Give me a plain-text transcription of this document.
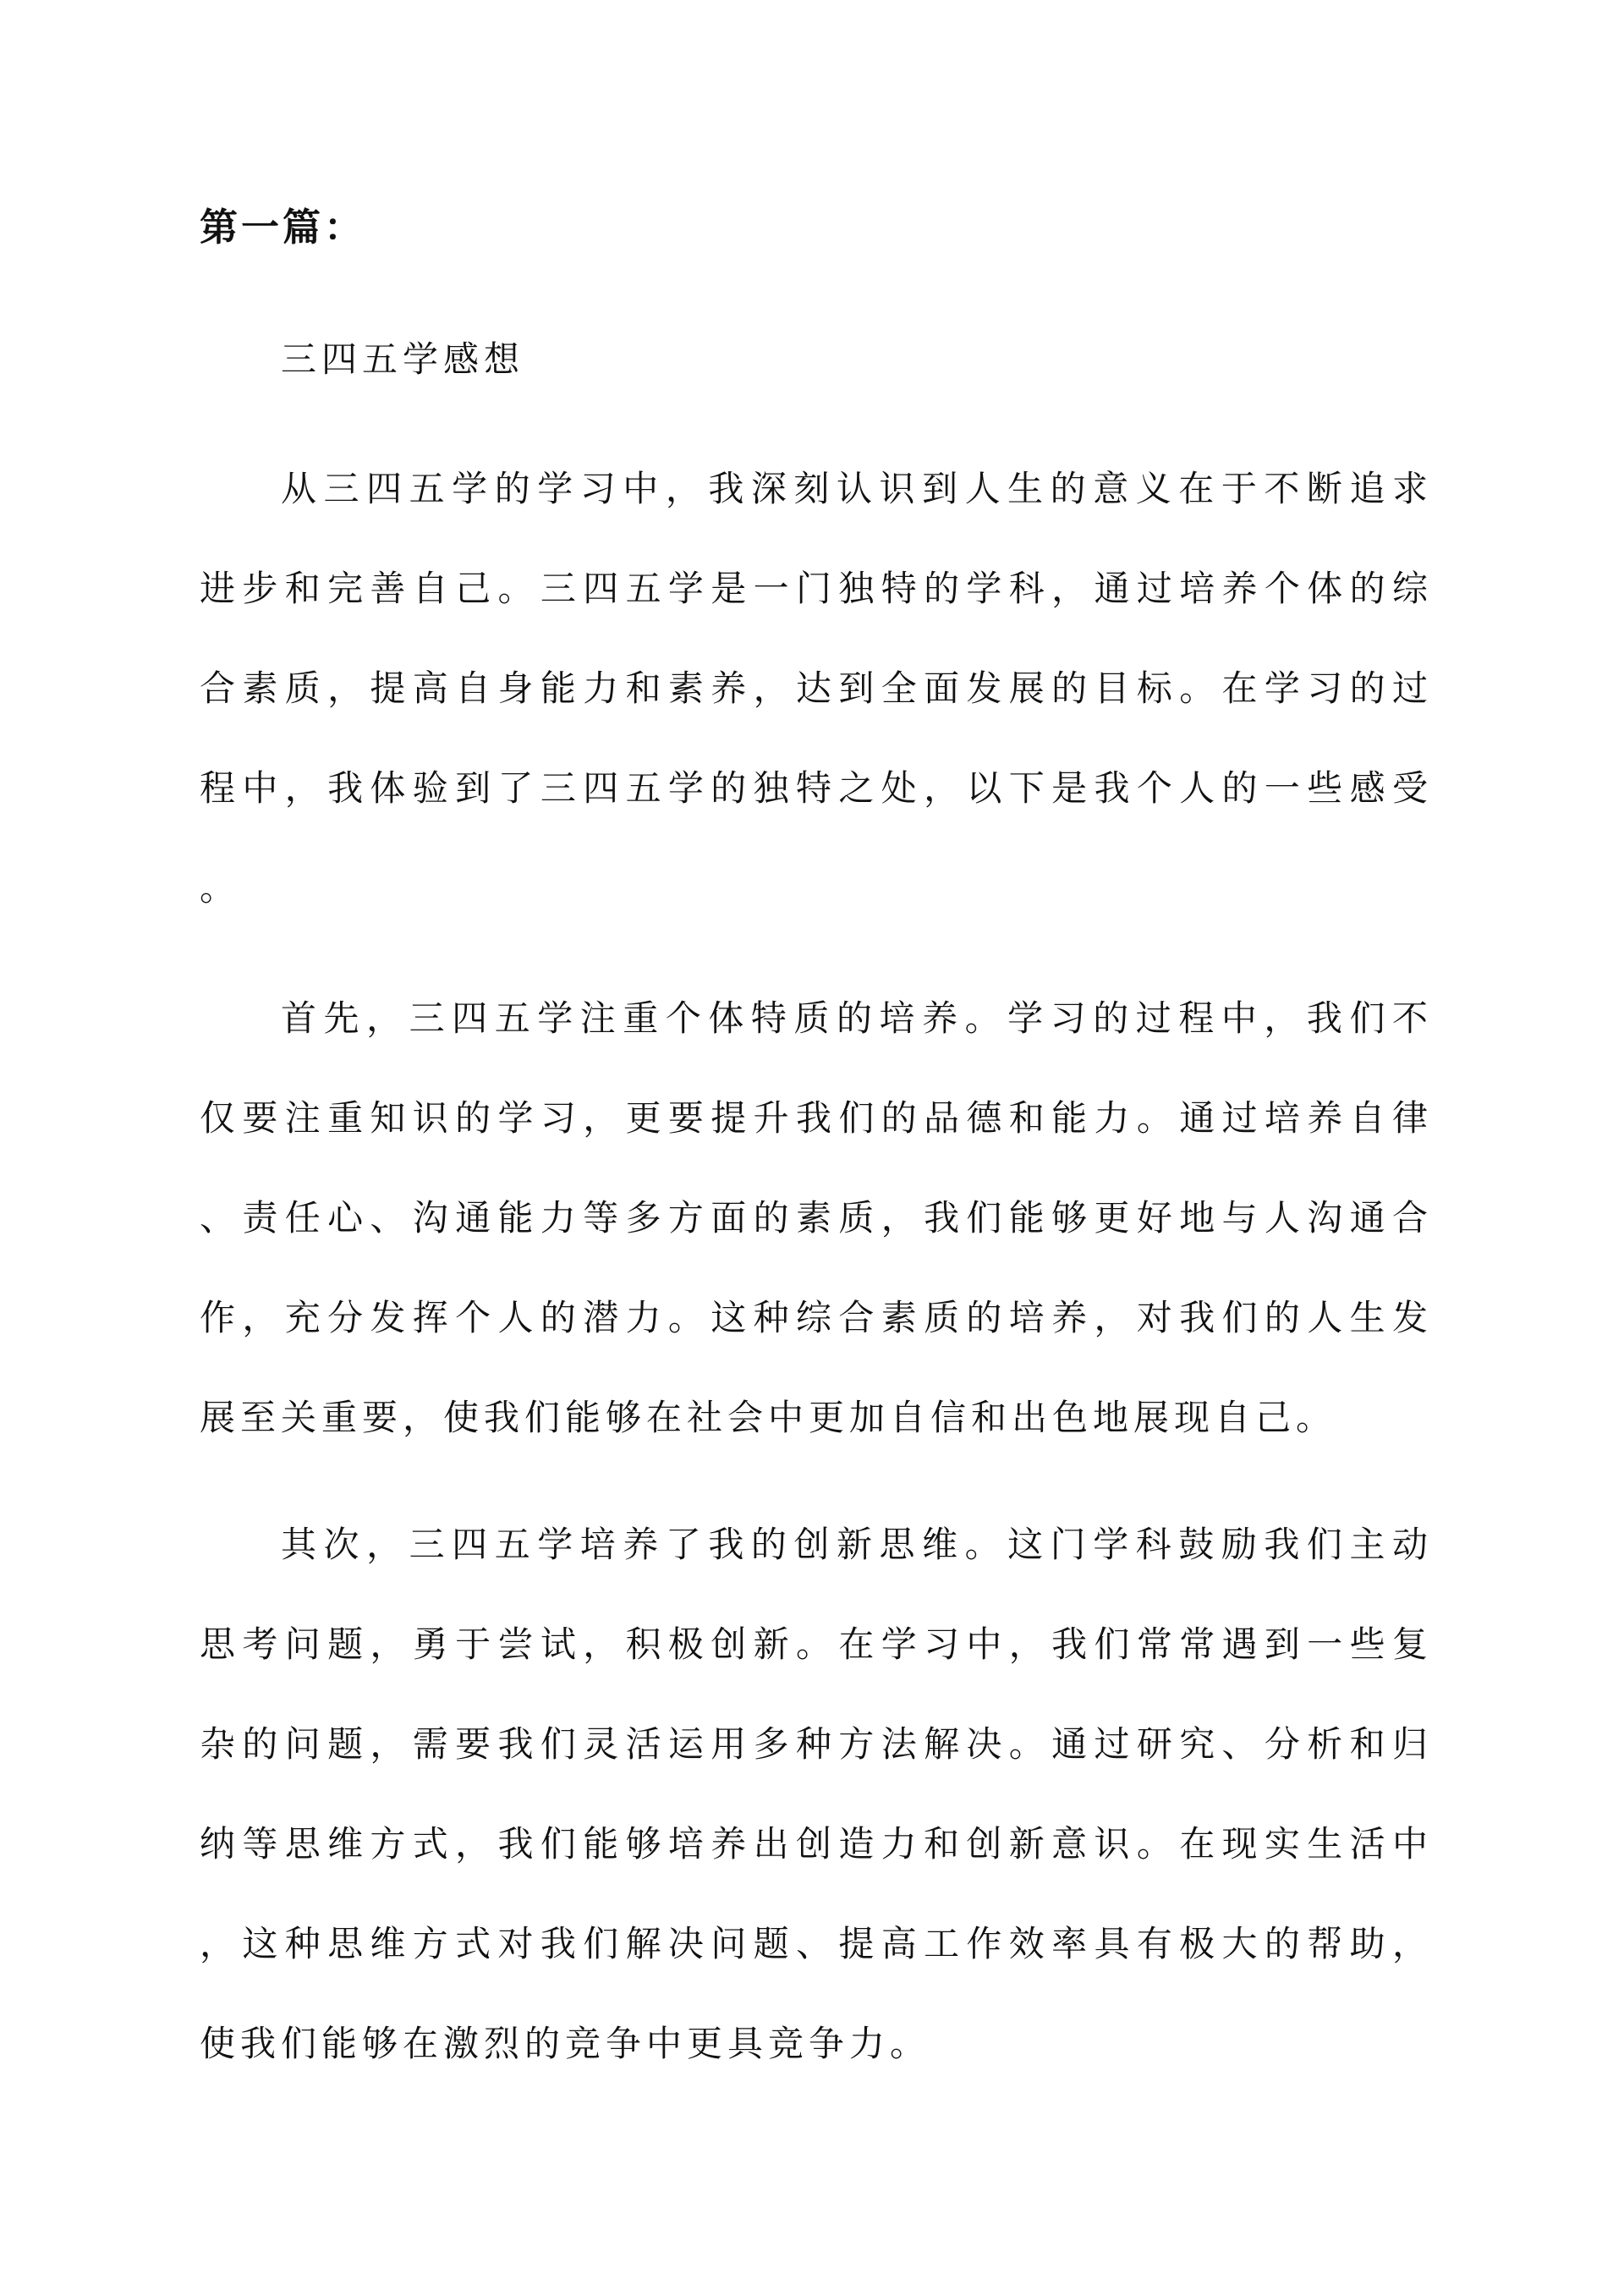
第一篇：
三四五学感想
从三四五学的学习中，我深刻认识到人生的意义在于不断追求
进步和完善自己。三四五学是一门独特的学科，通过培养个体的综
合素质，提高自身能力和素养，达到全面发展的目标。在学习的过
程中，我体验到了三四五学的独特之处，以下是我个人的一些感受
。
首先，三四五学注重个体特质的培养。学习的过程中，我们不
仅要注重知识的学习，更要提升我们的品德和能力。通过培养自律
、责任心、沟通能力等多方面的素质，我们能够更好地与人沟通合
作，充分发挥个人的潜力。这种综合素质的培养，对我们的人生发
展至关重要，使我们能够在社会中更加自信和出色地展现自己。
其次，三四五学培养了我的创新思维。这门学科鼓励我们主动
思考问题，勇于尝试，积极创新。在学习中，我们常常遇到一些复
杂的问题，需要我们灵活运用多种方法解决。通过研究、分析和归
纳等思维方式，我们能够培养出创造力和创新意识。在现实生活中
，这种思维方式对我们解决问题、提高工作效率具有极大的帮助，
使我们能够在激烈的竞争中更具竞争力。
